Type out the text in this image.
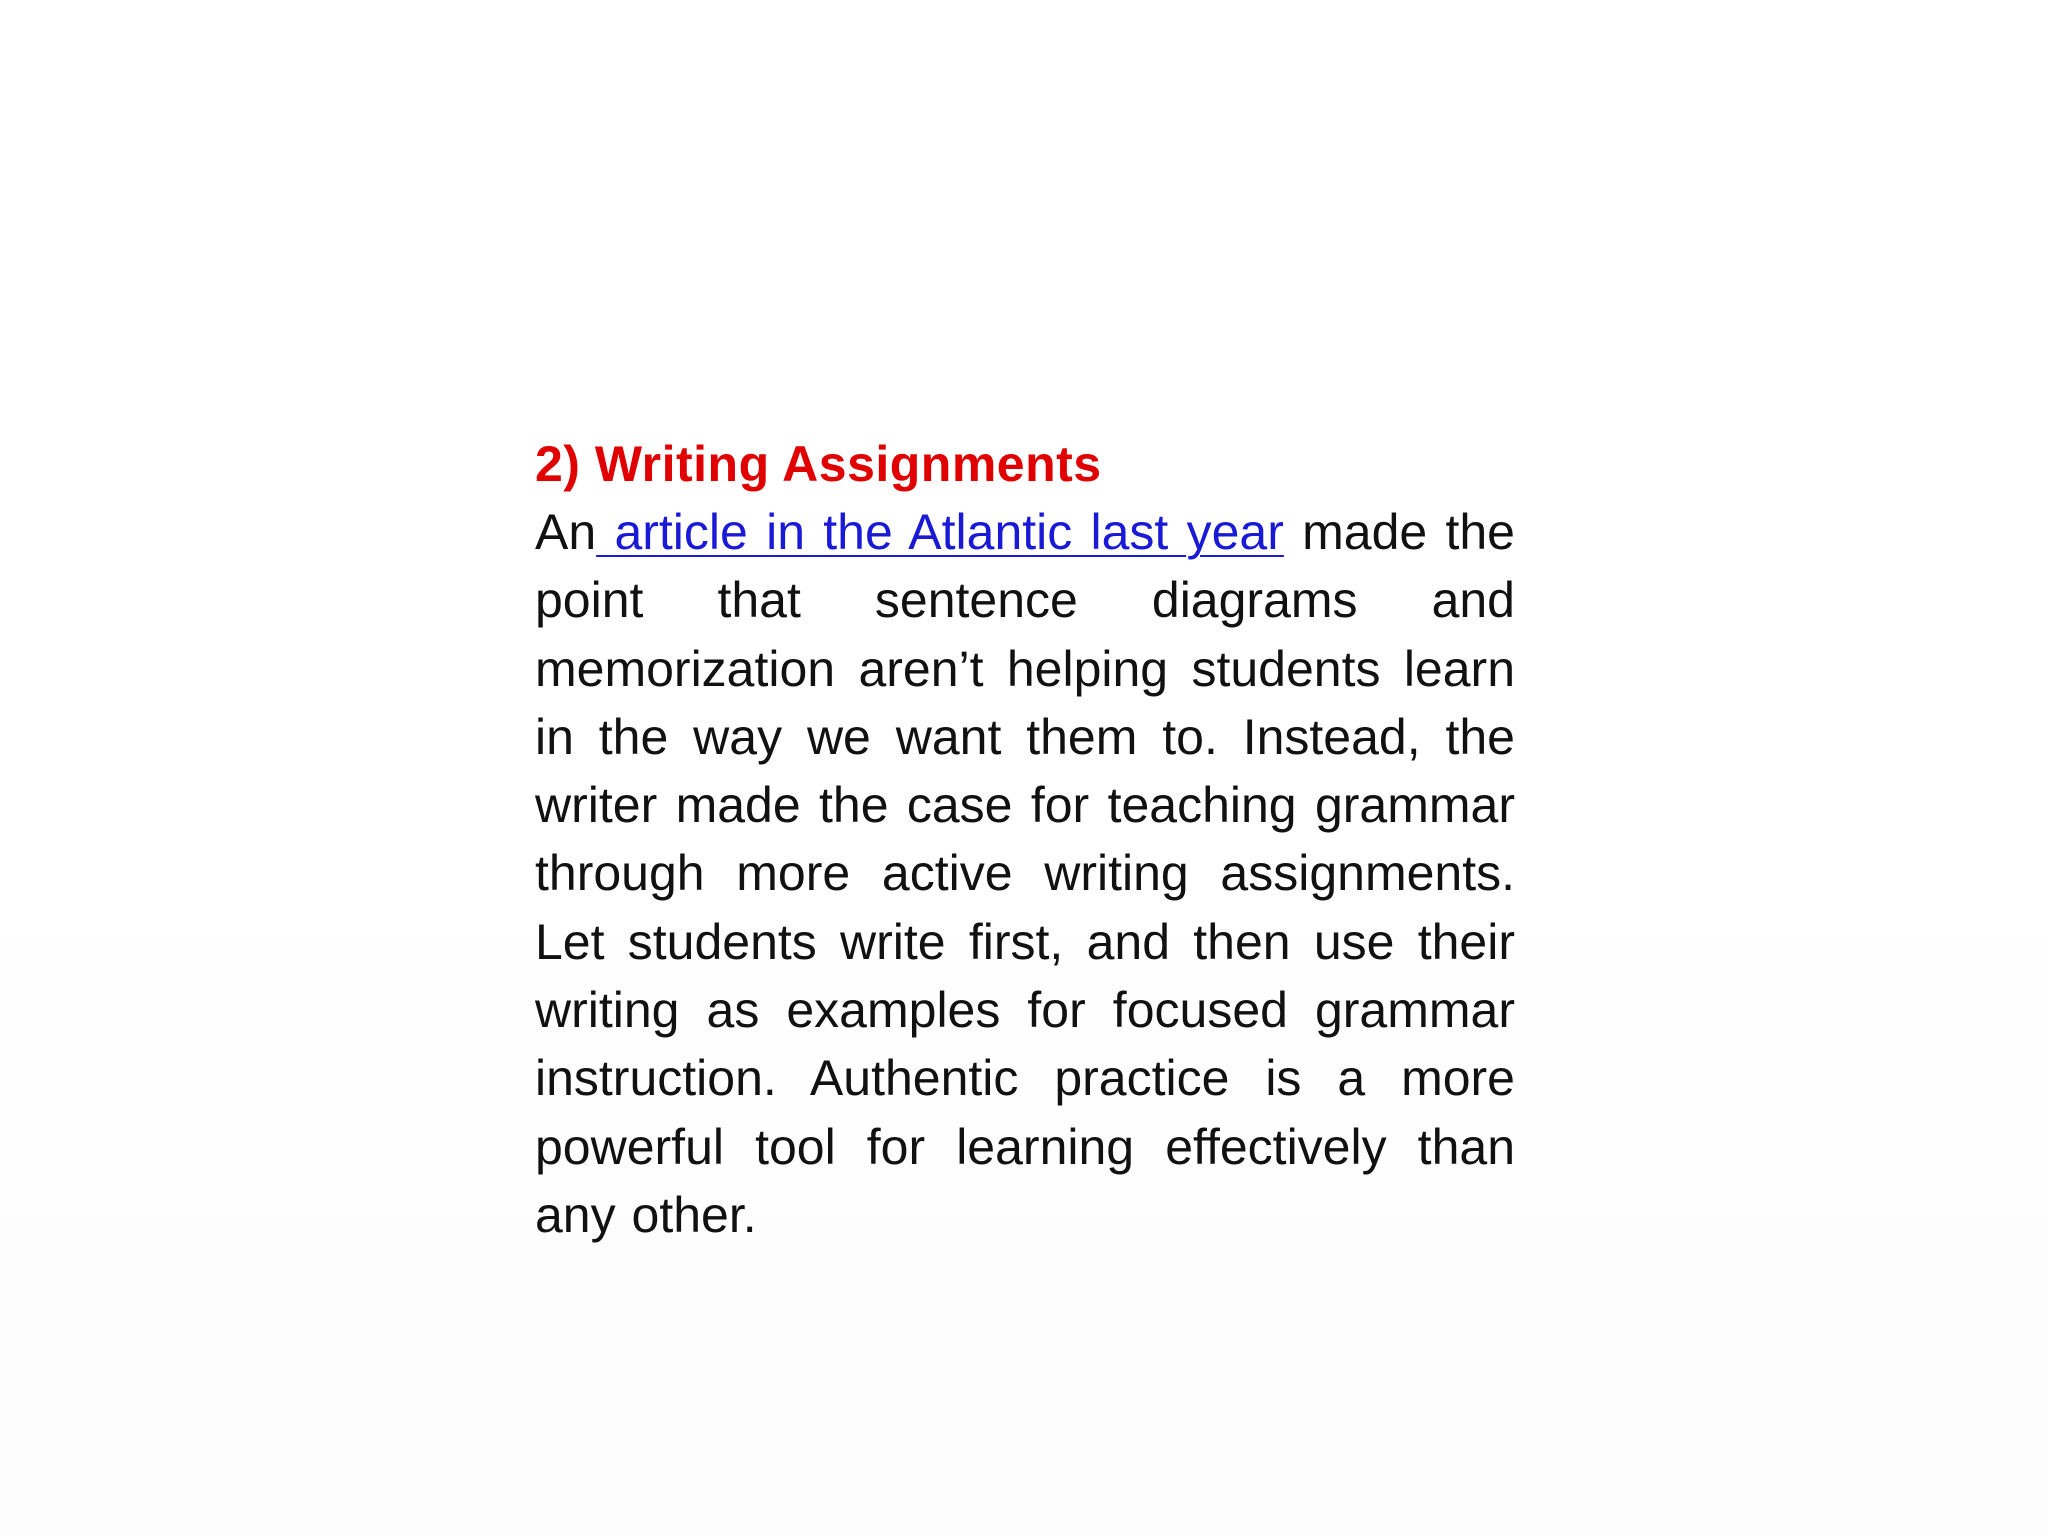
2) Writing Assignments

An article in the Atlantic last year made the point that sentence diagrams and memorization aren’t helping students learn in the way we want them to. Instead, the writer made the case for teaching grammar through more active writing assignments. Let students write first, and then use their writing as examples for focused grammar instruction. Authentic practice is a more powerful tool for learning effectively than any other.
